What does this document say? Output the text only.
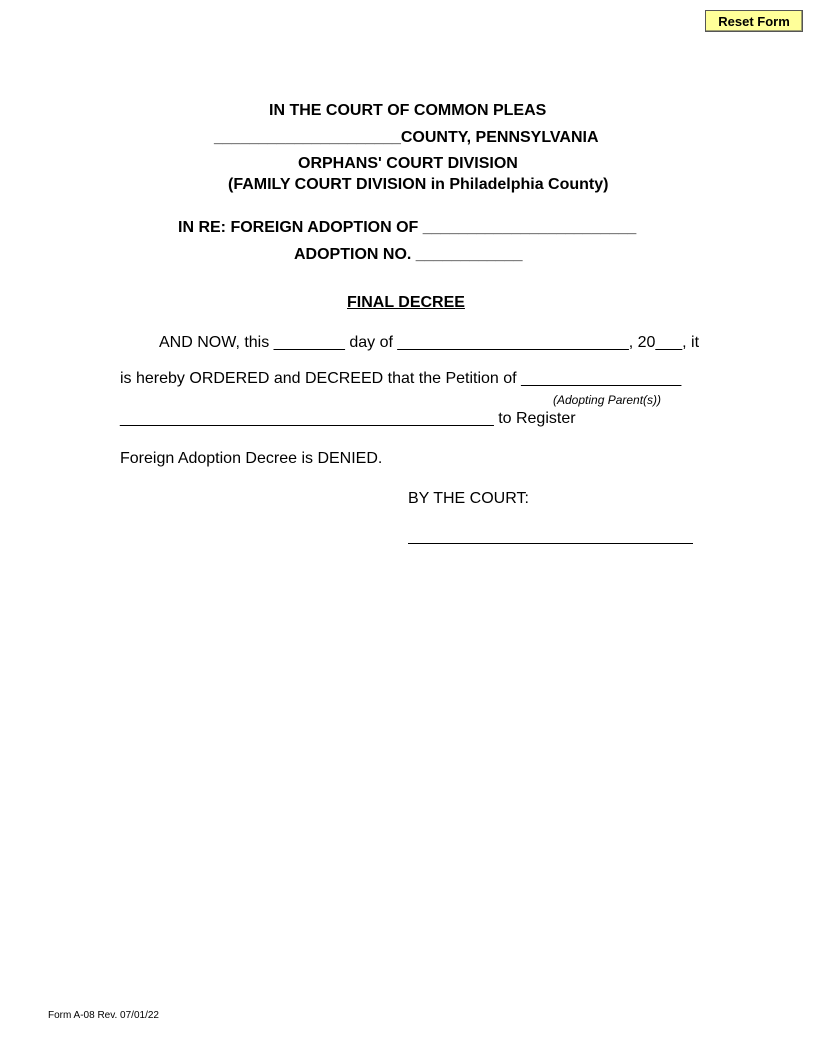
Reset Form
IN THE COURT OF COMMON PLEAS
_____________________COUNTY, PENNSYLVANIA
ORPHANS' COURT DIVISION
(FAMILY COURT DIVISION in Philadelphia County)
IN RE: FOREIGN ADOPTION OF ________________________
ADOPTION NO. ____________
FINAL DECREE
AND NOW, this ________ day of __________________________, 20___, it
is hereby ORDERED and DECREED that the Petition of __________________
(Adopting Parent(s))
__________________________________________ to Register
Foreign Adoption Decree is DENIED.
BY THE COURT:
Form A-08 Rev. 07/01/22
